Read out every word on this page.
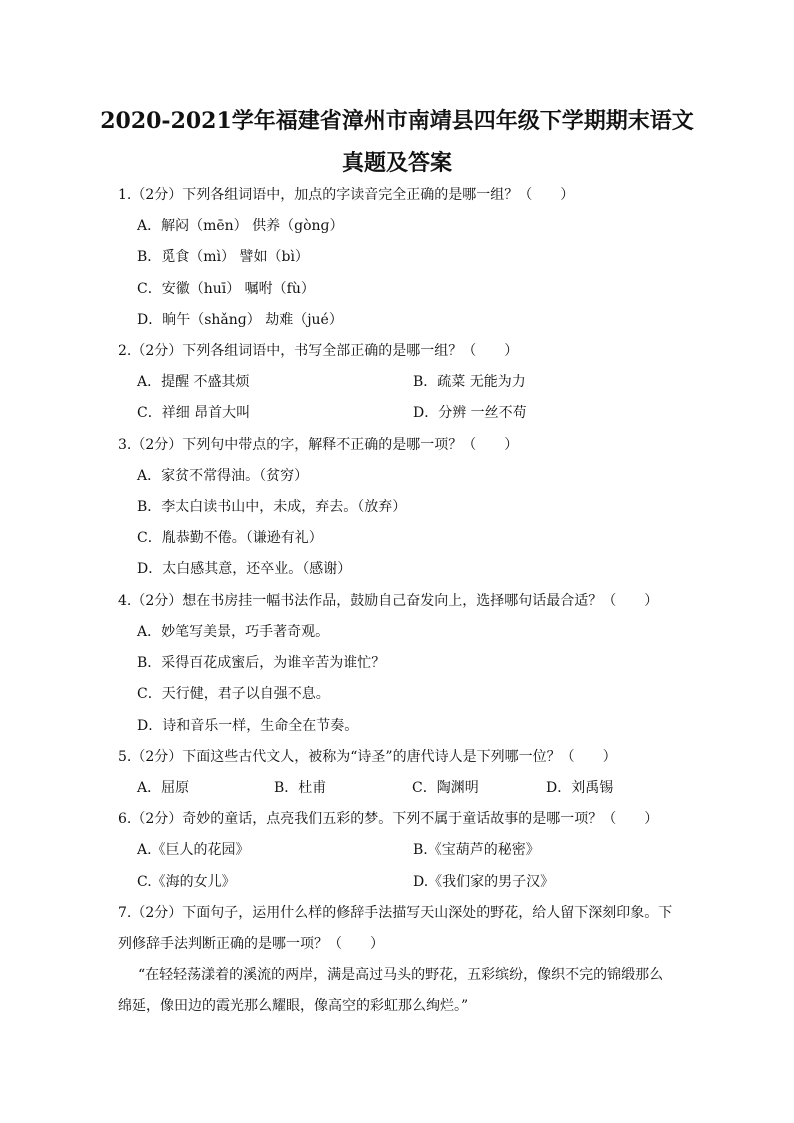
2020-2021学年福建省漳州市南靖县四年级下学期期末语文
真题及答案
1.（2分）下列各组词语中，加点的字读音完全正确的是哪一组？（　　）
A．解闷（mēn） 供养（gònɡ）
B．觅食（mì） 譬如（bì）
C．安徽（huī） 嘱咐（fù）
D．晌午（shǎnɡ） 劫难（jué）
2.（2分）下列各组词语中，书写全部正确的是哪一组？（　　）
A．提醒 不盛其烦	B．疏菜 无能为力
C．祥细 昂首大叫	D．分辨 一丝不苟
3.（2分）下列句中带点的字，解释不正确的是哪一项？（　　）
A．家贫不常得油。（贫穷）
B．李太白读书山中，未成，弃去。（放弃）
C．胤恭勤不倦。（谦逊有礼）
D．太白感其意，还卒业。（感谢）
4.（2分）想在书房挂一幅书法作品，鼓励自己奋发向上，选择哪句话最合适？（　　）
A．妙笔写美景，巧手著奇观。
B．采得百花成蜜后，为谁辛苦为谁忙？
C．天行健，君子以自强不息。
D．诗和音乐一样，生命全在节奏。
5.（2分）下面这些古代文人，被称为“诗圣”的唐代诗人是下列哪一位？（　　）
A．屈原	B．杜甫	C．陶渊明	D．刘禹锡
6.（2分）奇妙的童话，点亮我们五彩的梦。下列不属于童话故事的是哪一项？（　　）
A.《巨人的花园》	B.《宝葫芦的秘密》
C.《海的女儿》	D.《我们家的男子汉》
7.（2分）下面句子，运用什么样的修辞手法描写天山深处的野花，给人留下深刻印象。下
列修辞手法判断正确的是哪一项？（　　）
“在轻轻荡漾着的溪流的两岸，满是高过马头的野花，五彩缤纷，像织不完的锦缎那么
绵延，像田边的霞光那么耀眼，像高空的彩虹那么绚烂。”
